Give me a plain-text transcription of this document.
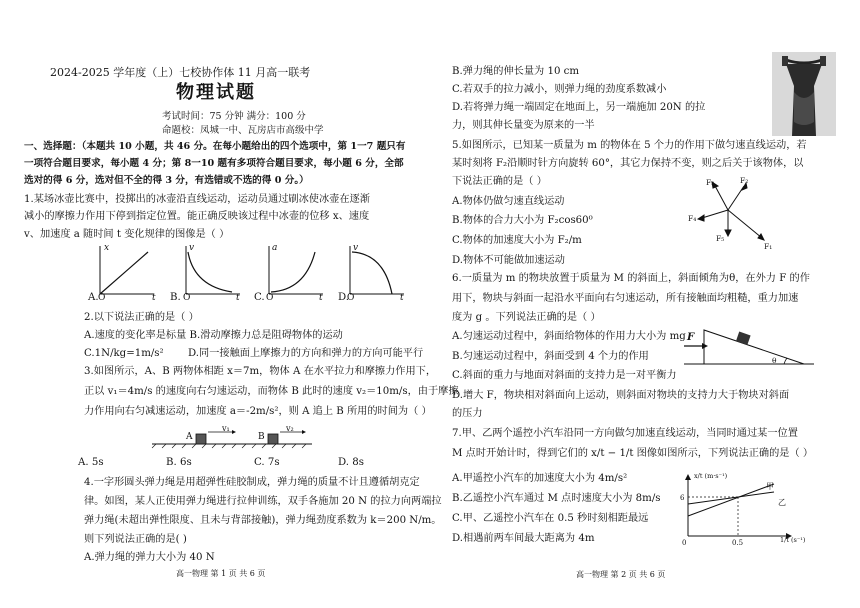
2024-2025 学年度（上）七校协作体 11 月高一联考
物理试题
考试时间：75 分钟 满分：100 分
命题校：凤城一中、瓦房店市高级中学
一、选择题：（本题共 10 小题，共 46 分。在每小题给出的四个选项中，第 1一7 题只有
一项符合题目要求，每小题 4 分；第 8一10 题有多项符合题目要求，每小题 6 分，全部
选对的得 6 分，选对但不全的得 3 分，有选错或不选的得 0 分。）
1.某场冰壶比赛中，投掷出的冰壶沿直线运动，运动员通过刷冰使冰壶在逐渐
减小的摩擦力作用下停到指定位置。能正确反映该过程中冰壶的位移 x、速度
v、加速度 a 随时间 t 变化规律的图像是（ ）
A.
x
O	t B.
v
O	t C.
a
O	t D.
v
O	t
2.以下说法正确的是（ ）
A.速度的变化率是标量 B.滑动摩擦力总是阻碍物体的运动
C.1N/kg=1m/s² D.同一接触面上摩擦力的方向和弹力的方向可能平行
3.如图所示，A、B 两物体相距 x＝7m，物体 A 在水平拉力和摩擦力作用下，
正以 v₁＝4m/s 的速度向右匀速运动，而物体 B 此时的速度 v₂＝10m/s，由于摩擦
力作用向右匀减速运动，加速度 a＝-2m/s²，则 A 追上 B 所用的时间为（ ）
A	B
v₁	v₂
A. 5s	B. 6s	C. 7s	D. 8s
4.一字形圆头弹力绳是用超弹性硅胶制成，弹力绳的质量不计且遵循胡克定
律。如图，某人正使用弹力绳进行拉伸训练，双手各施加 20 N 的拉力向两端拉
弹力绳(未超出弹性限度、且未与背部接触)，弹力绳劲度系数为 k＝200 N/m。
则下列说法正确的是( )
A.弹力绳的弹力大小为 40 N
高一物理 第 1 页 共 6 页
B.弹力绳的伸长量为 10 cm
C.若双手的拉力减小，则弹力绳的劲度系数减小
D.若将弹力绳一端固定在地面上，另一端施加 20N 的拉
力，则其伸长量变为原来的一半
5.如图所示，已知某一质量为 m 的物体在 5 个力的作用下做匀速直线运动，若
某时刻将 F₂沿顺时针方向旋转 60°，其它力保持不变，则之后关于该物体，以
下说法正确的是（ ）
A.物体仍做匀速直线运动
B.物体的合力大小为 F₂cos60⁰
C.物体的加速度大小为 F₂/m
D.物体不可能做加速运动
F₃	F₂
F₄
F₅
F₁
6.一质量为 m 的物块放置于质量为 M 的斜面上，斜面倾角为θ，在外力 F 的作
用下，物块与斜面一起沿水平面向右匀速运动，所有接触面均粗糙，重力加速
度为 g 。下列说法正确的是（ ）
A.匀速运动过程中，斜面给物体的作用力大小为 mg
B.匀速运动过程中，斜面受到 4 个力的作用
C.斜面的重力与地面对斜面的支持力是一对平衡力
D.增大 F，物块相对斜面向上运动，则斜面对物块的支持力大于物块对斜面
的压力
F
θ
7.甲、乙两个遥控小汽车沿同一方向做匀加速直线运动，当同时通过某一位置
M 点时开始计时，得到它们的 x/t − 1/t 图像如图所示，下列说法正确的是（ ）
A.甲遥控小汽车的加速度大小为 4m/s²
B.乙遥控小汽车通过 M 点时速度大小为 8m/s
C.甲、乙遥控小汽车在 0.5 秒时刻相距最远
D.相遇前两车间最大距离为 4m
x/t (m·s⁻¹)
1/t (s⁻¹)
6
0.5
0
甲
乙
高一物理 第 2 页 共 6 页
